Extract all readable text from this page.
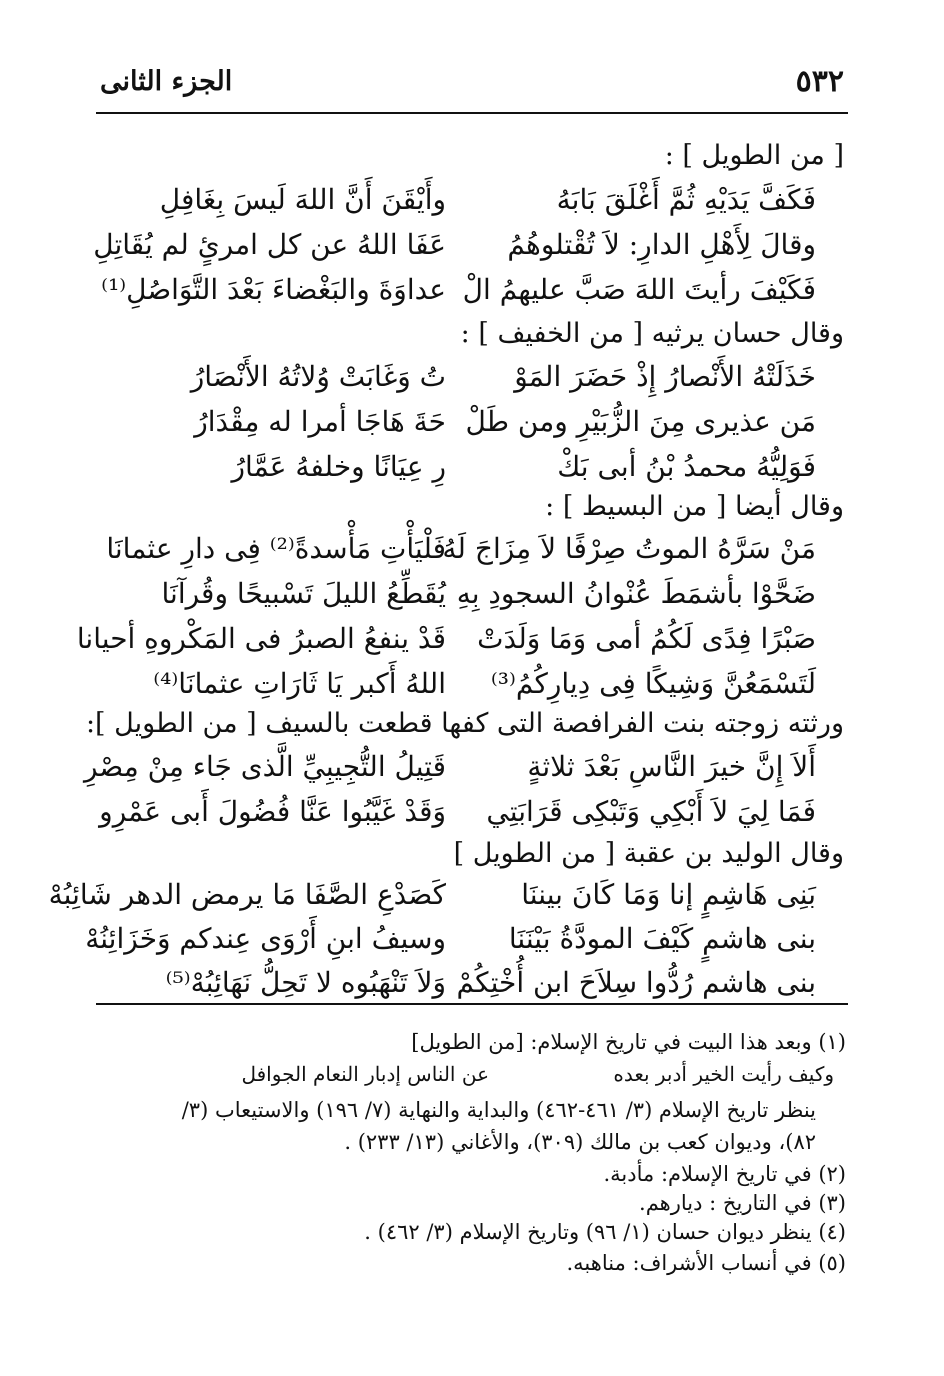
٥٣٢
الجزء الثانى
[ من الطويل ] :
فَكَفَّ يَدَيْهِ ثُمَّ أَغْلَقَ بَابَهُ
وأَيْقَنَ أَنَّ اللهَ لَيسَ بِغَافِلِ
وقالَ لِأَهْلِ الدارِ: لاَ تُقْتلوهُمُ
عَفَا اللهُ عن كل امرئٍ لم يُقَاتِلِ
فَكَيْفَ رأيتَ اللهَ صَبَّ عليهمُ الْ
عداوَةَ والبَغْضاءَ بَعْدَ التَّوَاصُلِ⁽¹⁾
وقال حسان يرثيه [ من الخفيف ] :
خَذَلَتْهُ الأَنْصارُ إِذْ حَضَرَ المَوْ
تُ وَغَابَتْ وُلاتُهُ الأَنْصَارُ
مَن عذيرى مِنَ الزُّبَيْرِ ومن طَلْ
حَةَ هَاجَا أمرا له مِقْدَارُ
فَوَلِيُّهُ محمدُ بْنُ أبى بَكْ
رِ عِيَانًا وخلفهُ عَمَّارُ
وقال أيضا [ من البسيط ] :
مَنْ سَرَّهُ الموتُ صِرْفًا لاَ مِزَاجَ لَهُ
فَلْيَأْتِ مَأْسدةً⁽²⁾ فِى دارِ عثمانَا
ضَحَّوْا بأشمَطَ عُنْوانُ السجودِ بِهِ
يُقَطِّعُ الليلَ تَسْبيحًا وقُرآنَا
صَبْرًا فِدًى لَكُمُ أمى وَمَا وَلَدَتْ
قَدْ ينفعُ الصبرُ فى المَكْروهِ أحيانا
لَتَسْمَعُنَّ وَشِيكًا فِى دِيارِكُمُ⁽³⁾
اللهُ أَكبر يَا ثَارَاتِ عثمانَا⁽⁴⁾
ورثته زوجته بنت الفرافصة التى كفها قطعت بالسيف [ من الطويل ]:
أَلاَ إِنَّ خيرَ النَّاسِ بَعْدَ ثلاثةٍ
قَتِيلُ التُّجِيبِيِّ الَّذى جَاء مِنْ مِصْرِ
فَمَا لِيَ لاَ أَبْكِي وَتَبْكِى قَرَابَتِي
وَقَدْ غَيَّبُوا عَنَّا فُضُولَ أَبى عَمْرِو
وقال الوليد بن عقبة [ من الطويل ]
بَنِى هَاشِمٍ إنا وَمَا كَانَ بيننَا
كَصَدْعِ الصَّفَا مَا يرمض الدهر شَائِبُهْ
بنى هاشمٍ كَيْفَ المودَّةُ بَيْنَنَا
وسيفُ ابنِ أَرْوَى عِندكم وَخَزَائِنُهْ
بنى هاشم رُدُّوا سِلاَحَ ابن أُخْتِكُمْ
وَلاَ تَنْهَبُوه لا تَحِلُّ نَهَائِبُهْ⁽⁵⁾
(١) وبعد هذا البيت في تاريخ الإسلام: [من الطويل]
وكيف رأيت الخير أدبر بعده
عن الناس إدبار النعام الجوافل
ينظر تاريخ الإسلام (٣/ ٤٦١-٤٦٢) والبداية والنهاية (٧/ ١٩٦) والاستيعاب (٣/
٨٢)، وديوان كعب بن مالك (٣٠٩)، والأغاني (١٣/ ٢٣٣) .
(٢) في تاريخ الإسلام: مأدبة.
(٣) في التاريخ : ديارهم.
(٤) ينظر ديوان حسان (١/ ٩٦) وتاريخ الإسلام (٣/ ٤٦٢) .
(٥) في أنساب الأشراف: مناهبه.
